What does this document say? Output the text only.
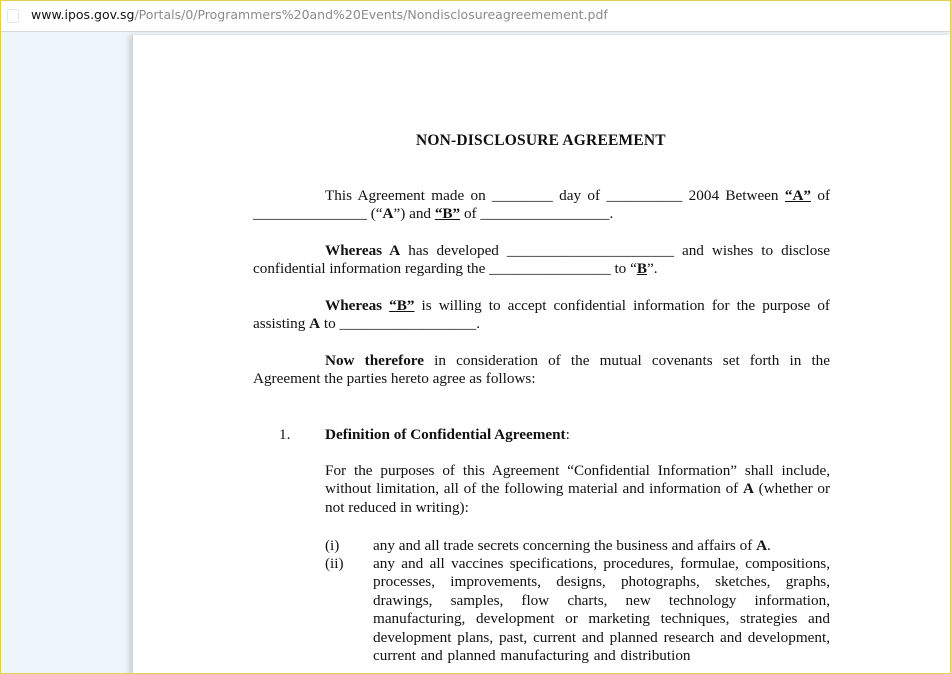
www.ipos.gov.sg/Portals/0/Programmers%20and%20Events/Nondisclosureagreemement.pdf
NON-DISCLOSURE AGREEMENT
This Agreement made on ________ day of __________ 2004 Between “A” of _______________ (“A”) and “B” of _________________.
Whereas A has developed ______________________ and wishes to disclose confidential information regarding the ________________ to “B”.
Whereas “B” is willing to accept confidential information for the purpose of assisting A to __________________.
Now therefore in consideration of the mutual covenants set forth in the Agreement the parties hereto agree as follows:
1. Definition of Confidential Agreement:
For the purposes of this Agreement “Confidential Information” shall include, without limitation, all of the following material and information of A (whether or not reduced in writing):
(i) any and all trade secrets concerning the business and affairs of A.
(ii) any and all vaccines specifications, procedures, formulae, compositions, processes, improvements, designs, photographs, sketches, graphs, drawings, samples, flow charts, new technology information, manufacturing, development or marketing techniques, strategies and development plans, past, current and planned research and development, current and planned manufacturing and distribution
